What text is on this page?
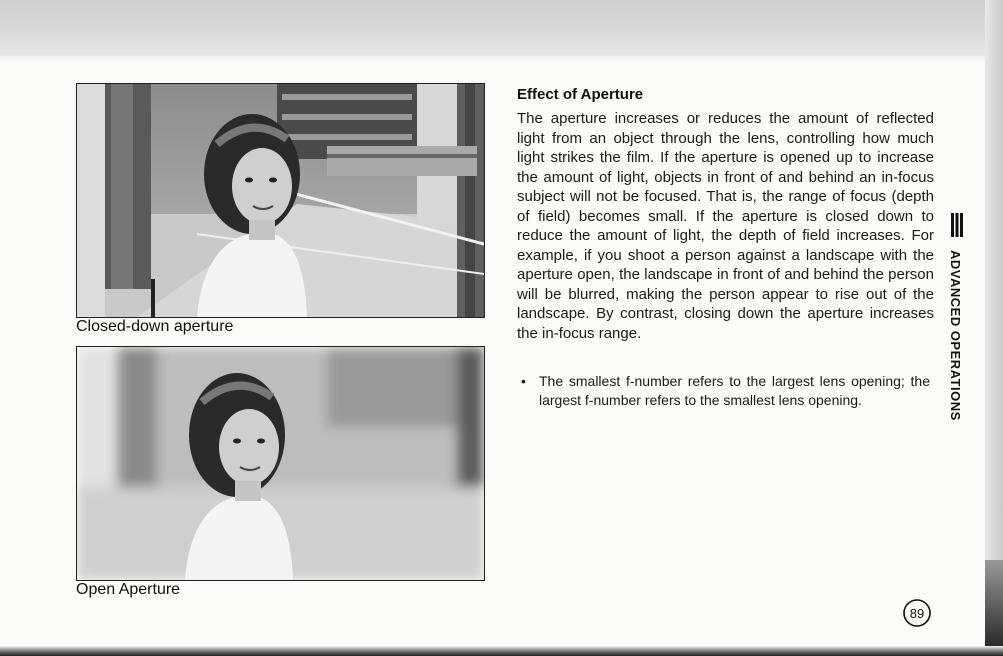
Closed-down aperture
Open Aperture
Effect of Aperture
The aperture increases or reduces the amount of reflected light from an object through the lens, controlling how much light strikes the film. If the aperture is opened up to increase the amount of light, objects in front of and behind an in-focus subject will not be focused. That is, the range of focus (depth of field) becomes small. If the aperture is closed down to reduce the amount of light, the depth of field increases. For example, if you shoot a person against a landscape with the aperture open, the landscape in front of and behind the person will be blurred, making the person appear to rise out of the landscape. By contrast, closing down the aperture increases the in-focus range.
• The smallest f-number refers to the largest lens opening; the largest f-number refers to the smallest lens opening.	ADVANCED OPERATIONS
89
